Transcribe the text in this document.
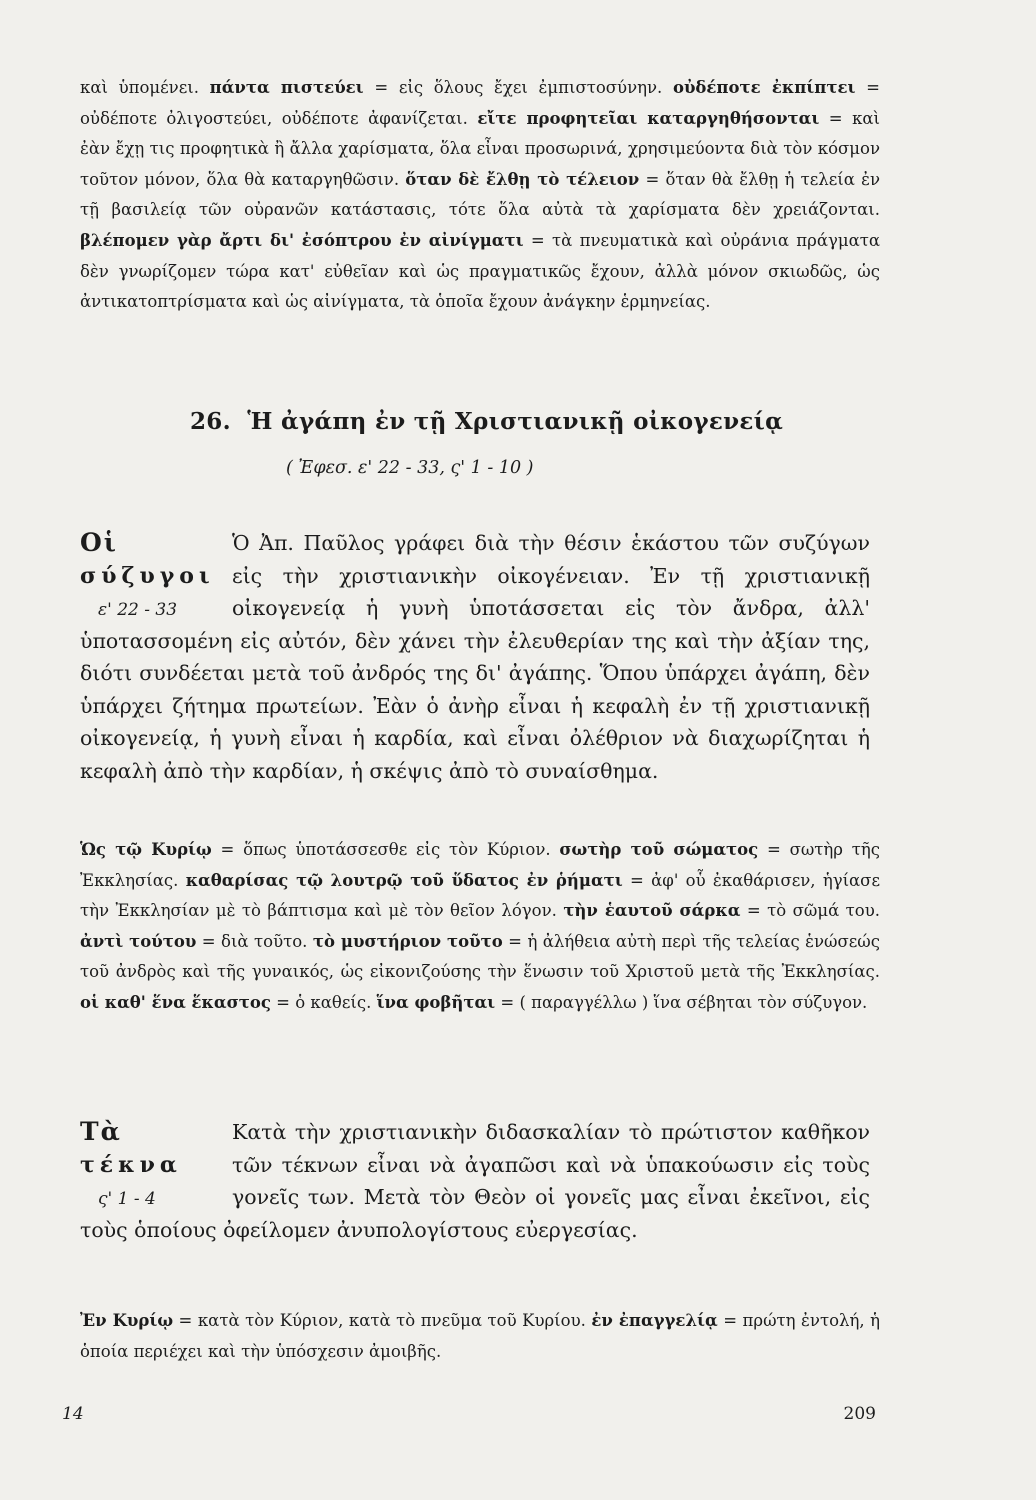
καὶ ὑπομένει. πάντα πιστεύει = εἰς ὅλους ἔχει ἐμπιστοσύνην. οὐδέποτε ἐκπίπτει = οὐδέποτε ὀλιγοστεύει, οὐδέποτε ἀφανίζεται. εἴτε προφητεῖαι καταργηθήσονται = καὶ ἐὰν ἔχῃ τις προφητικὰ ἢ ἄλλα χαρίσματα, ὅλα εἶναι προσωρινά, χρησιμεύοντα διὰ τὸν κόσμον τοῦτον μόνον, ὅλα θὰ καταργηθῶσιν. ὅταν δὲ ἔλθῃ τὸ τέλειον = ὅταν θὰ ἔλθῃ ἡ τελεία ἐν τῇ βασιλείᾳ τῶν οὐρανῶν κατάστασις, τότε ὅλα αὐτὰ τὰ χαρίσματα δὲν χρειάζονται. βλέπομεν γὰρ ἄρτι δι' ἐσόπτρου ἐν αἰνίγματι = τὰ πνευματικὰ καὶ οὐράνια πράγματα δὲν γνωρίζομεν τώρα κατ' εὐθεῖαν καὶ ὡς πραγματικῶς ἔχουν, ἀλλὰ μόνον σκιωδῶς, ὡς ἀντικατοπτρίσματα καὶ ὡς αἰνίγματα, τὰ ὁποῖα ἔχουν ἀνάγκην ἑρμηνείας.

26. Ἡ ἀγάπη ἐν τῇ Χριστιανικῇ οἰκογενείᾳ
( Ἐφεσ. ε' 22 - 33, ς' 1 - 10 )
Οἱ σύζυγοι
ε' 22 - 33

Ὁ Ἀπ. Παῦλος γράφει διὰ τὴν θέσιν ἑκάστου τῶν συζύγων εἰς τὴν χριστιανικὴν οἰκογένειαν. Ἐν τῇ χριστιανικῇ οἰκογενείᾳ ἡ γυνὴ ὑποτάσσεται εἰς τὸν ἄνδρα, ἀλλ' ὑποτασσομένη εἰς αὐτόν, δὲν χάνει τὴν ἐλευθερίαν της καὶ τὴν ἀξίαν της, διότι συνδέεται μετὰ τοῦ ἀνδρός της δι' ἀγάπης. Ὅπου ὑπάρχει ἀγάπη, δὲν ὑπάρχει ζήτημα πρωτείων. Ἐὰν ὁ ἀνὴρ εἶναι ἡ κεφαλὴ ἐν τῇ χριστιανικῇ οἰκογενείᾳ, ἡ γυνὴ εἶναι ἡ καρδία, καὶ εἶναι ὀλέθριον νὰ διαχωρίζηται ἡ κεφαλὴ ἀπὸ τὴν καρδίαν, ἡ σκέψις ἀπὸ τὸ συναίσθημα.

Ὡς τῷ Κυρίῳ = ὅπως ὑποτάσσεσθε εἰς τὸν Κύριον. σωτὴρ τοῦ σώματος = σωτὴρ τῆς Ἐκκλησίας. καθαρίσας τῷ λουτρῷ τοῦ ὕδατος ἐν ῥήματι = ἀφ' οὗ ἐκαθάρισεν, ἡγίασε τὴν Ἐκκλησίαν μὲ τὸ βάπτισμα καὶ μὲ τὸν θεῖον λόγον. τὴν ἑαυτοῦ σάρκα = τὸ σῶμά του. ἀντὶ τούτου = διὰ τοῦτο. τὸ μυστήριον τοῦτο = ἡ ἀλήθεια αὐτὴ περὶ τῆς τελείας ἑνώσεώς τοῦ ἀνδρὸς καὶ τῆς γυναικός, ὡς εἰκονιζούσης τὴν ἕνωσιν τοῦ Χριστοῦ μετὰ τῆς Ἐκκλησίας. οἱ καθ' ἕνα ἕκαστος = ὁ καθείς. ἵνα φοβῆται = ( παραγγέλλω ) ἵνα σέβηται τὸν σύζυγον.

Τὰ τέκνα
ς' 1 - 4

Κατὰ τὴν χριστιανικὴν διδασκαλίαν τὸ πρώτιστον καθῆκον τῶν τέκνων εἶναι νὰ ἀγαπῶσι καὶ νὰ ὑπακούωσιν εἰς τοὺς γονεῖς των. Μετὰ τὸν Θεὸν οἱ γονεῖς μας εἶναι ἐκεῖνοι, εἰς τοὺς ὁποίους ὀφείλομεν ἀνυπολογίστους εὐεργεσίας.

Ἐν Κυρίῳ = κατὰ τὸν Κύριον, κατὰ τὸ πνεῦμα τοῦ Κυρίου. ἐν ἐπαγγελίᾳ = πρώτη ἐντολή, ἡ ὁποία περιέχει καὶ τὴν ὑπόσχεσιν ἀμοιβῆς.

14	209
